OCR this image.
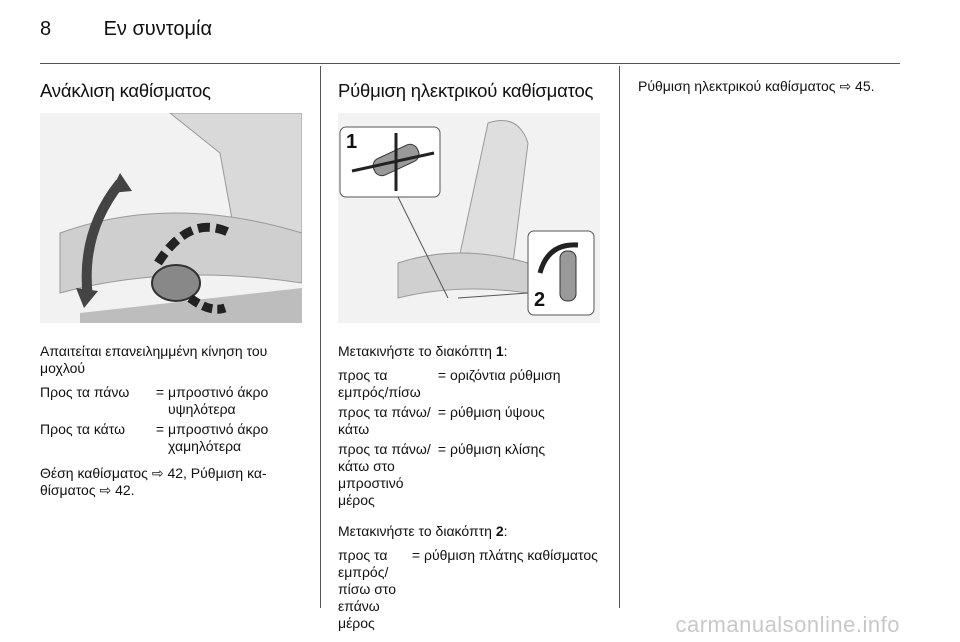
8	Εν συντομία
Ανάκλιση καθίσματος

Απαιτείται επανειλημμένη κίνηση του μοχλού

Προς τα πάνω	= μπροστινό άκρο υψηλότερα
Προς τα κάτω	= μπροστινό άκρο χαμηλότερα

Θέση καθίσματος ⇨ 42, Ρύθμιση καθίσματος ⇨ 42.

Ρύθμιση ηλεκτρικού καθίσματος
1
2

Μετακινήστε το διακόπτη 1:

προς τα εμπρός/πίσω
= οριζόντια ρύθμιση
προς τα πάνω/ κάτω
= ρύθμιση ύψους
προς τα πάνω/ κάτω στο μπροστινό μέρος
= ρύθμιση κλίσης

Μετακινήστε το διακόπτη 2:

προς τα εμπρός/ πίσω στο επάνω μέρος
= ρύθμιση πλάτης καθίσματος

Ρύθμιση ηλεκτρικού καθίσματος ⇨ 45.

carmanualsonline.info
